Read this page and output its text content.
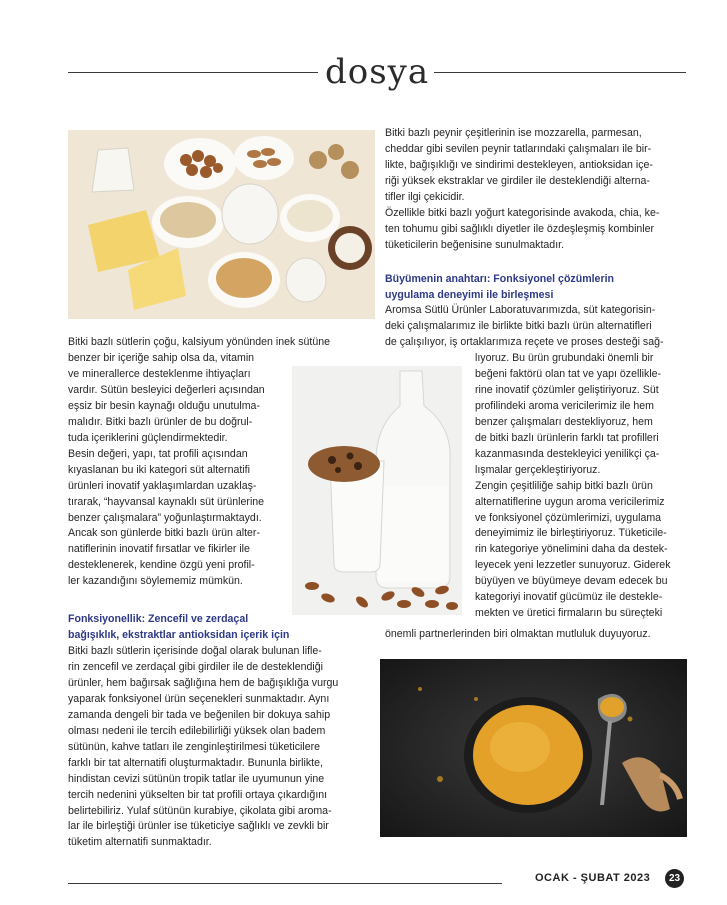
dosya

Bitki bazlı peynir çeşitlerinin ise mozzarella, parmesan,

cheddar gibi sevilen peynir tatlarındaki çalışmaları ile bir-

likte, bağışıklığı ve sindirimi destekleyen, antioksidan içe-

riği yüksek ekstraklar ve girdiler ile desteklendiği alterna-

tifler ilgi çekicidir.

Özellikle bitki bazlı yoğurt kategorisinde avakoda, chia, ke-

ten tohumu gibi sağlıklı diyetler ile özdeşleşmiş kombinler

tüketicilerin beğenisine sunulmaktadır.

Büyümenin anahtarı: Fonksiyonel çözümlerin

uygulama deneyimi ile birleşmesi

Aromsa Sütlü Ürünler Laboratuvarımızda, süt kategorisin-

deki çalışmalarımız ile birlikte bitki bazlı ürün alternatifleri

de çalışılıyor, iş ortaklarımıza reçete ve proses desteği sağ-

lıyoruz. Bu ürün grubundaki önemli bir

beğeni faktörü olan tat ve yapı özellikle-

rine inovatif çözümler geliştiriyoruz. Süt

profilindeki aroma vericilerimiz ile hem

benzer çalışmaları destekliyoruz, hem

de bitki bazlı ürünlerin farklı tat profilleri

kazanmasında destekleyici yenilikçi ça-

lışmalar gerçekleştiriyoruz.

Zengin çeşitliliğe sahip bitki bazlı ürün

alternatiflerine uygun aroma vericilerimiz

ve fonksiyonel çözümlerimizi, uygulama

deneyimimiz ile birleştiriyoruz. Tüketicile-

rin kategoriye yönelimini daha da destek-

leyecek yeni lezzetler sunuyoruz. Giderek

büyüyen ve büyümeye devam edecek bu

kategoriyi inovatif gücümüz ile destekle-

mekten ve üretici firmaların bu süreçteki

önemli partnerlerinden biri olmaktan mutluluk duyuyoruz.

Bitki bazlı sütlerin çoğu, kalsiyum yönünden inek sütüne

benzer bir içeriğe sahip olsa da, vitamin

ve minerallerce desteklenme ihtiyaçları

vardır. Sütün besleyici değerleri açısından

eşsiz bir besin kaynağı olduğu unutulma-

malıdır. Bitki bazlı ürünler de bu doğrul-

tuda içeriklerini güçlendirmektedir.

Besin değeri, yapı, tat profili açısından

kıyaslanan bu iki kategori süt alternatifi

ürünleri inovatif yaklaşımlardan uzaklaş-

tırarak, “hayvansal kaynaklı süt ürünlerine

benzer çalışmalara” yoğunlaştırmaktaydı.

Ancak son günlerde bitki bazlı ürün alter-

natiflerinin inovatif fırsatlar ve fikirler ile

desteklenerek, kendine özgü yeni profil-

ler kazandığını söylememiz mümkün.

Fonksiyonellik: Zencefil ve zerdaçal

bağışıklık, ekstraktlar antioksidan içerik için

Bitki bazlı sütlerin içerisinde doğal olarak bulunan lifle-

rin zencefil ve zerdaçal gibi girdiler ile de desteklendiği

ürünler, hem bağırsak sağlığına hem de bağışıklığa vurgu

yaparak fonksiyonel ürün seçenekleri sunmaktadır. Aynı

zamanda dengeli bir tada ve beğenilen bir dokuya sahip

olması nedeni ile tercih edilebilirliği yüksek olan badem

sütünün, kahve tatları ile zenginleştirilmesi tüketicilere

farklı bir tat alternatifi oluşturmaktadır. Bununla birlikte,

hindistan cevizi sütünün tropik tatlar ile uyumunun yine

tercih nedenini yükselten bir tat profili ortaya çıkardığını

belirtebiliriz. Yulaf sütünün kurabiye, çikolata gibi aroma-

lar ile birleştiği ürünler ise tüketiciye sağlıklı ve zevkli bir

tüketim alternatifi sunmaktadır.

OCAK - ŞUBAT 2023	23
